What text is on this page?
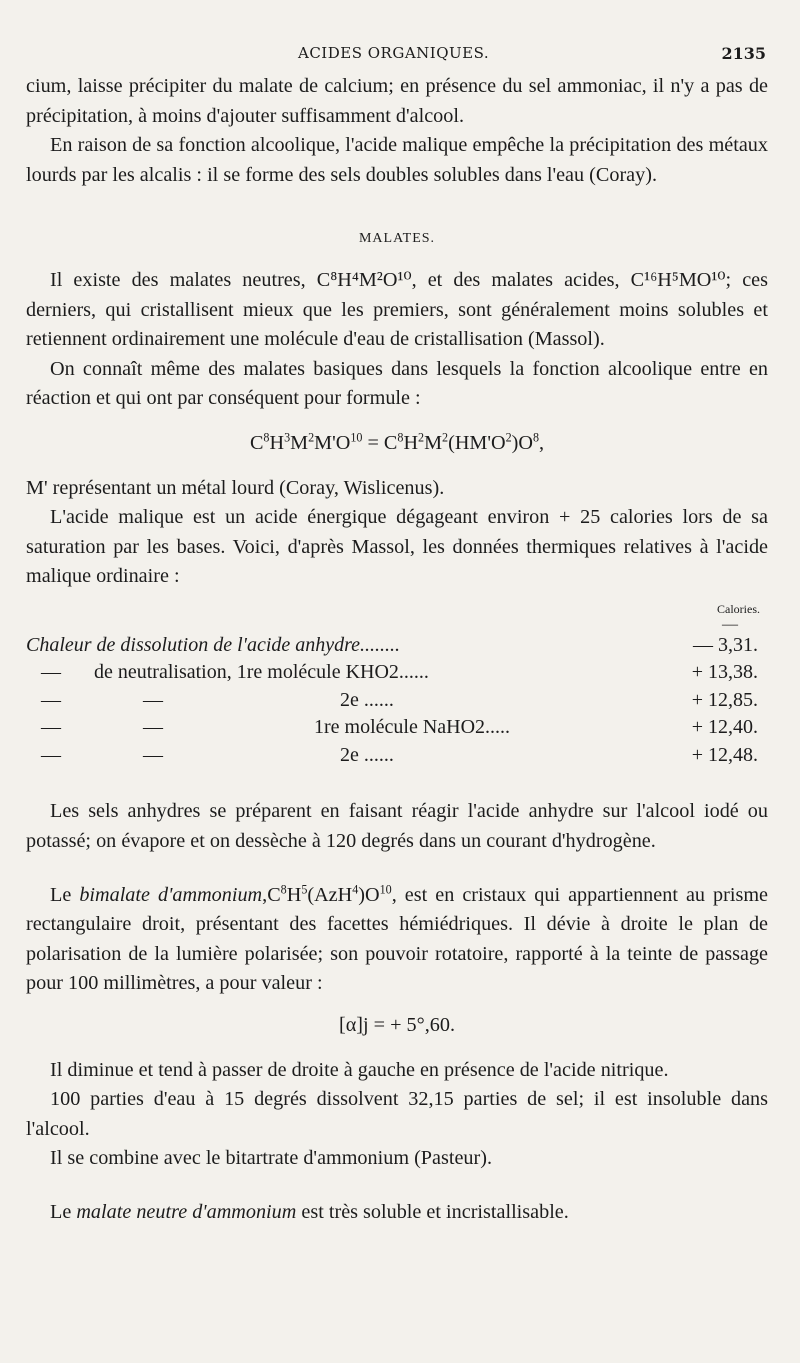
ACIDES ORGANIQUES.	2135

cium, laisse précipiter du malate de calcium; en présence du sel ammoniac, il n'y a pas de précipitation, à moins d'ajouter suffisamment d'alcool.

En raison de sa fonction alcoolique, l'acide malique empêche la précipitation des métaux lourds par les alcalis : il se forme des sels doubles solubles dans l'eau (Coray).

MALATES.

Il existe des malates neutres, C⁸H⁴M²O¹⁰, et des malates acides, C¹⁶H⁵MO¹⁰; ces derniers, qui cristallisent mieux que les premiers, sont généralement moins solubles et retiennent ordinairement une molécule d'eau de cristallisation (Massol).

On connaît même des malates basiques dans lesquels la fonction alcoolique entre en réaction et qui ont par conséquent pour formule :

$C^8H^3M^2M'O^{10} = C^8H^2M^2(HM'O^2)O^8$,

M' représentant un métal lourd (Coray, Wislicenus).

L'acide malique est un acide énergique dégageant environ + 25 calories lors de sa saturation par les bases. Voici, d'après Massol, les données thermiques relatives à l'acide malique ordinaire :

Calories.
—
Chaleur de dissolution de l'acide anhydre........	— 3,31.
— de neutralisation, 1re molécule KHO2......	+ 13,38.
— — 2e ......	+ 12,85.
— — 1re molécule NaHO2.....	+ 12,40.
— — 2e ......	+ 12,48.

Les sels anhydres se préparent en faisant réagir l'acide anhydre sur l'alcool iodé ou potassé; on évapore et on dessèche à 120 degrés dans un courant d'hydrogène.

Le bimalate $d'ammonium,C^8H^5(AzH^4)O^{10}$, est en cristaux qui appartiennent au prisme rectangulaire droit, présentant des facettes hémiédriques. Il dévie à droite le plan de polarisation de la lumière polarisée; son pouvoir rotatoire, rapporté à la teinte de passage pour 100 millimètres, a pour valeur :

[α]j = + 5°,60.

Il diminue et tend à passer de droite à gauche en présence de l'acide nitrique.

100 parties d'eau à 15 degrés dissolvent 32,15 parties de sel; il est insoluble dans l'alcool.

Il se combine avec le bitartrate d'ammonium (Pasteur).

Le malate neutre d'ammonium est très soluble et incristallisable.
